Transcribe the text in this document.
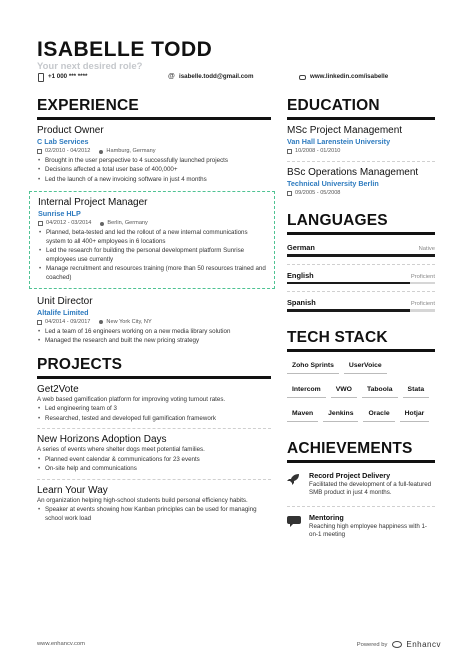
ISABELLE TODD
Your next desired role?
+1 000 *** ****	@ isabelle.todd@gmail.com	www.linkedin.com/isabelle
EXPERIENCE
Product Owner
C Lab Services
02/2010 - 04/2012	Hamburg, Germany
• Brought in the user perspective to 4 successfully launched projects
• Decisions affected a total user base of 400,000+
• Led the launch of a new invoicing software in just 4 months
Internal Project Manager
Sunrise HLP
04/2012 - 03/2014	Berlin, Germany
• Planned, beta-tested and led the rollout of a new internal communications system to all 400+ employees in 6 locations
• Led the research for building the personal development platform Sunrise employees use currently
• Manage recruitment and resources training (more than 50 resources trained and coached)
Unit Director
Altalife Limited
04/2014 - 09/2017	New York City, NY
• Led a team of 16 engineers working on a new media library solution
• Managed the research and built the new pricing strategy
PROJECTS
Get2Vote
A web based gamification platform for improving voting turnout rates.
• Led engineering team of 3
• Researched, tested and developed full gamification framework
New Horizons Adoption Days
A series of events where shelter dogs meet potential families.
• Planned event calendar & communications for 23 events
• On-site help and communications
Learn Your Way
An organization helping high-school students build personal efficiency habits.
• Speaker at events showing how Kanban principles can be used for managing school work load
EDUCATION
MSc Project Management
Van Hall Larenstein University
10/2008 - 01/2010
BSc Operations Management
Technical University Berlin
09/2005 - 05/2008
LANGUAGES
German	Native
English	Proficient
Spanish	Proficient
TECH STACK
Zoho Sprints	UserVoice
Intercom	VWO	Taboola	Stata
Maven	Jenkins	Oracle	Hotjar
ACHIEVEMENTS
Record Project Delivery
Facilitated the development of a full-featured SMB product in just 4 months.
Mentoring
Reaching high employee happiness with 1-on-1 meeting
www.enhancv.com	Powered by Enhancv
